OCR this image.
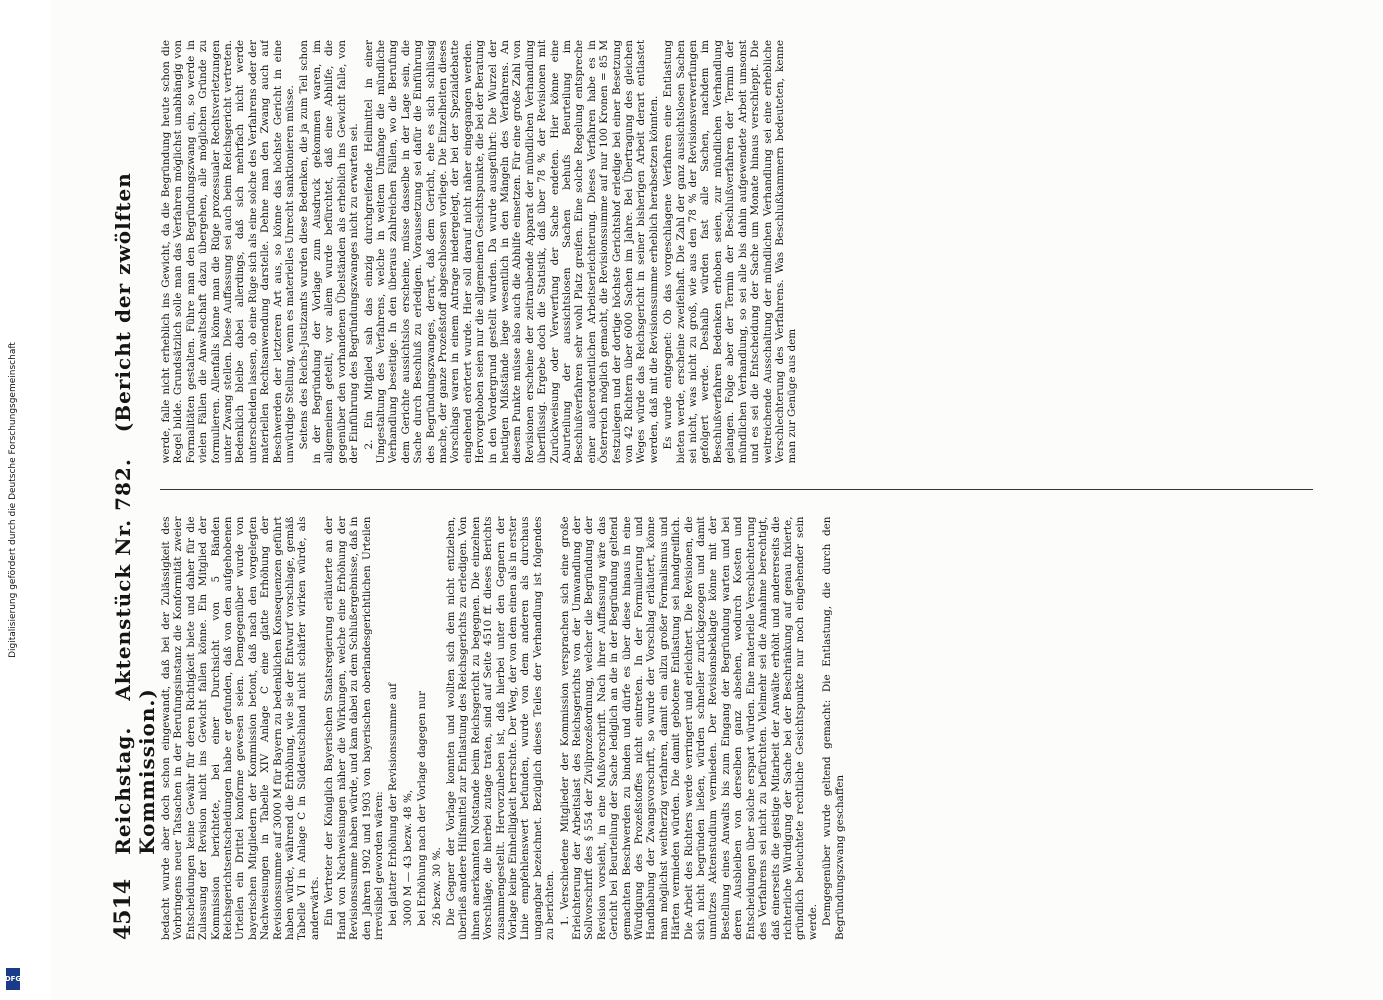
Digitalisierung gefördert durch die Deutsche Forschungsgemeinschaft
DFG
4514
Reichstag. Aktenstück Nr. 782. (Bericht der zwölften Kommission.) bedacht wurde aber doch schon eingewandt, daß bei der Zulässigkeit des Vorbringens neuer Tatsachen in der Berufungsinstanz die Konformität zweier Entscheidungen keine Gewähr für deren Richtigkeit biete und daher für die Zulassung der Revision nicht ins Gewicht fallen könne. Ein Mitglied der Kommission berichtete, bei einer Durchsicht von 5 Bänden Reichsgerichtsentscheidungen habe er gefunden, daß von den aufgehobenen Urteilen ein Drittel konforme gewesen seien. Demgegenüber wurde von bayerischen Mitgliedern der Kommission betont, daß nach den vorgelegten Nachweisungen in Tabelle XIV Anlage C eine glatte Erhöhung der Revisionssumme auf 3000 M für Bayern zu bedenklichen Konsequenzen geführt haben würde, während die Erhöhung, wie sie der Entwurf vorschlage, gemäß Tabelle VI in Anlage C in Süddeutschland nicht schärfer wirken würde, als anderwärts. Ein Vertreter der Königlich Bayerischen Staatsregierung erläuterte an der Hand von Nachweisungen näher die Wirkungen, welche eine Erhöhung der Revisionssumme haben würde, und kam dabei zu dem Schlußergebnisse, daß in den Jahren 1902 und 1903 von bayerischen oberlandesgerichtlichen Urteilen irrevisibel geworden wären: bei glatter Erhöhung der Revisionssumme auf 3000 M — 43 bezw. 48 %, bei Erhöhung nach der Vorlage dagegen nur 26 bezw. 30 %. Die Gegner der Vorlage konnten und wollten sich dem nicht entziehen, überließ andere Hilfsmittel zur Entlastung des Reichsgerichts zu erledigen. Von ihnen anerkannten Notstande beim Reichsgericht zu begegnen. Die einzelnen Vorschläge, die hierbei zutage traten, sind auf Seite 4510 ff. dieses Berichts zusammengestellt. Hervorzuheben ist, daß hierbei unter den Gegnern der Vorlage keine Einhelligkeit herrschte. Der Weg, der von dem einen als in erster Linie empfehlenswert befunden, wurde von dem anderen als durchaus ungangbar bezeichnet. Bezüglich dieses Teiles der Verhandlung ist folgendes zu berichten. 1. Verschiedene Mitglieder der Kommission versprachen sich eine große Erleichterung der Arbeitslast des Reichsgerichts von der Umwandlung der Sollvorschrift des § 554 der Zivilprozeßordnung, welcher die Begründung der Revision vorsieht, in eine Mußvorschrift. Nach ihrer Auffassung wäre das Gericht bei Beurteilung der Sache lediglich an die in der Begründung geltend gemachten Beschwerden zu binden und dürfe es über diese hinaus in eine Würdigung des Prozeßstoffes nicht eintreten. In der Formulierung und Handhabung der Zwangsvorschrift, so wurde der Vorschlag erläutert, könne man möglichst weitherzig verfahren, damit ein allzu großer Formalismus und Härten vermieden würden. Die damit gebotene Entlastung sei handgreiflich. Die Arbeit des Richters werde verringert und erleichtert. Die Revisionen, die sich nicht begründen ließen, würden schneller zurückgezogen und damit unnützes Aktenstudium vermieden. Der Revisionsbeklagte könne mit der Bestellung eines Anwalts bis zum Eingang der Begründung warten und bei deren Ausbleiben von derselben ganz absehen, wodurch Kosten und Entscheidungen über solche erspart würden. Eine materielle Verschlechterung des Verfahrens sei nicht zu befürchten. Vielmehr sei die Annahme berechtigt, daß einerseits die geistige Mitarbeit der Anwälte erhöht und andererseits die richterliche Würdigung der Sache bei der Beschränkung auf genau fixierte, gründlich beleuchtete rechtliche Gesichtspunkte nur noch eingehender sein werde. Demgegenüber wurde geltend gemacht: Die Entlastung, die durch den Begründungszwang geschaffen

werde, falle nicht erheblich ins Gewicht, da die Begründung heute schon die Regel bilde. Grundsätzlich solle man das Verfahren möglichst unabhängig von Formalitäten gestalten. Führe man den Begründungszwang ein, so werde in vielen Fällen die Anwaltschaft dazu übergehen, alle möglichen Gründe zu formulieren. Allenfalls könne man die Rüge prozessualer Rechtsverletzungen unter Zwang stellen. Diese Auffassung sei auch beim Reichsgericht vertreten. Bedenklich bleibe dabei allerdings, daß sich mehrfach nicht werde unterscheiden lassen, ob eine Rüge sich als eine solche des Verfahrens oder der materiellen Rechtsanwendung darstelle. Dehne man den Zwang auch auf Beschwerden der letzteren Art aus, so könne das höchste Gericht in eine unwürdige Stellung, wenn es materielles Unrecht sanktionieren müsse. Seitens des Reichs-Justizamts wurden diese Bedenken, die ja zum Teil schon in der Begründung der Vorlage zum Ausdruck gekommen waren, im allgemeinen geteilt, vor allem wurde befürchtet, daß eine Abhilfe, die gegenüber den vorhandenen Übelständen als erheblich ins Gewicht falle, von der Einführung des Begründungszwanges nicht zu erwarten sei. 2. Ein Mitglied sah das einzig durchgreifende Heilmittel in einer Umgestaltung des Verfahrens, welche in weitem Umfange die mündliche Verhandlung beseitige. In den überaus zahlreichen Fällen, wo die Berufung dem Gerichte aussichtslos erscheine, müsse dasselbe in der Lage sein, die Sache durch Beschluß zu erledigen. Voraussetzung sei dafür die Einführung des Begründungszwanges, derart, daß dem Gericht, ehe es sich schlüssig mache, der ganze Prozeßstoff abgeschlossen vorliege. Die Einzelheiten dieses Vorschlags waren in einem Antrage niedergelegt, der bei der Spezialdebatte eingehend erörtert wurde. Hier soll darauf nicht näher eingegangen werden. Hervorgehoben seien nur die allgemeinen Gesichtspunkte, die bei der Beratung in den Vordergrund gestellt wurden. Da wurde ausgeführt: Die Wurzel der heutigen Mißstände liege wesentlich in den Mängeln des Verfahrens. An diesem Punkte müsse also auch die Abhilfe einsetzen. Für eine große Zahl von Revisionen erscheine der zeitraubende Apparat der mündlichen Verhandlung überflüssig. Ergebe doch die Statistik, daß über 78 % der Revisionen mit Zurückweisung oder Verwerfung der Sache endeten. Hier könne eine Aburteilung der aussichtslosen Sachen behufs Beurteilung im Beschlußverfahren sehr wohl Platz greifen. Eine solche Regelung entspreche einer außerordentlichen Arbeitserleichterung. Dieses Verfahren habe es in Österreich möglich gemacht, die Revisionssumme auf nur 100 Kronen = 85 M festzulegen und der dortige höchste Gerichtshof erledige bei einer Besetzung von 42 Richtern über 6000 Sachen im Jahre. Bei Übertragung des gleichen Weges würde das Reichsgericht in seiner bisherigen Arbeit derart entlastet werden, daß mit die Revisionssumme erheblich herabsetzen könnten. Es wurde entgegnet: Ob das vorgeschlagene Verfahren eine Entlastung bieten werde, erscheine zweifelhaft. Die Zahl der ganz aussichtslosen Sachen sei nicht, was nicht zu groß, wie aus den 78 % der Revisionsverwerfungen gefolgert werde. Deshalb würden fast alle Sachen, nachdem im Beschlußverfahren Bedenken erhoben seien, zur mündlichen Verhandlung gelangen. Folge aber der Termin der Beschlußverfahren der Termin der mündlichen Verhandlung, so sei alle bis dahin aufgewendete Arbeit umsonst und es sei die Entscheidung der Sache um Monate hinaus verschleppt. Die weitreichende Ausschaltung der mündlichen Verhandlung sei eine erhebliche Verschlechterung des Verfahrens. Was Beschlußkammern bedeuteten, kenne man zur Genüge aus dem
